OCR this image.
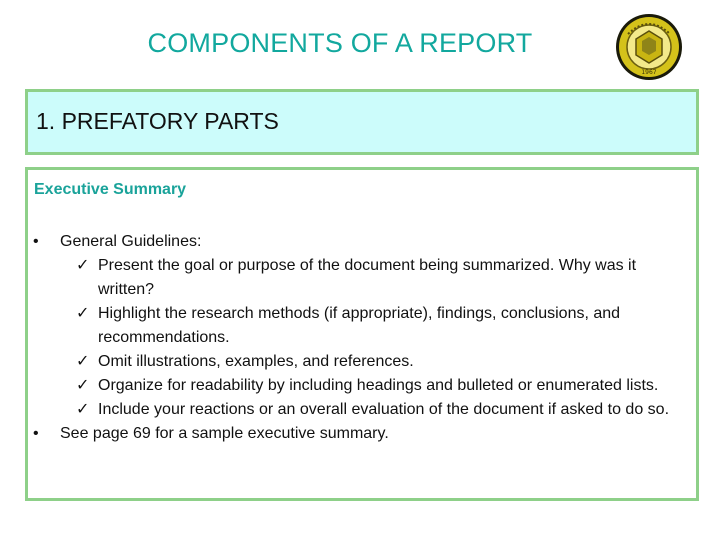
COMPONENTS OF A REPORT
1967
1. PREFATORY PARTS
Executive Summary
• General Guidelines:
✓ Present the goal or purpose of the document being summarized. Why was it written?
✓ Highlight the research methods (if appropriate), findings, conclusions, and recommendations.
✓ Omit illustrations, examples, and references.
✓ Organize for readability by including headings and bulleted or enumerated lists.
✓ Include your reactions or an overall evaluation of the document if asked to do so.
• See page 69 for a sample executive summary.
